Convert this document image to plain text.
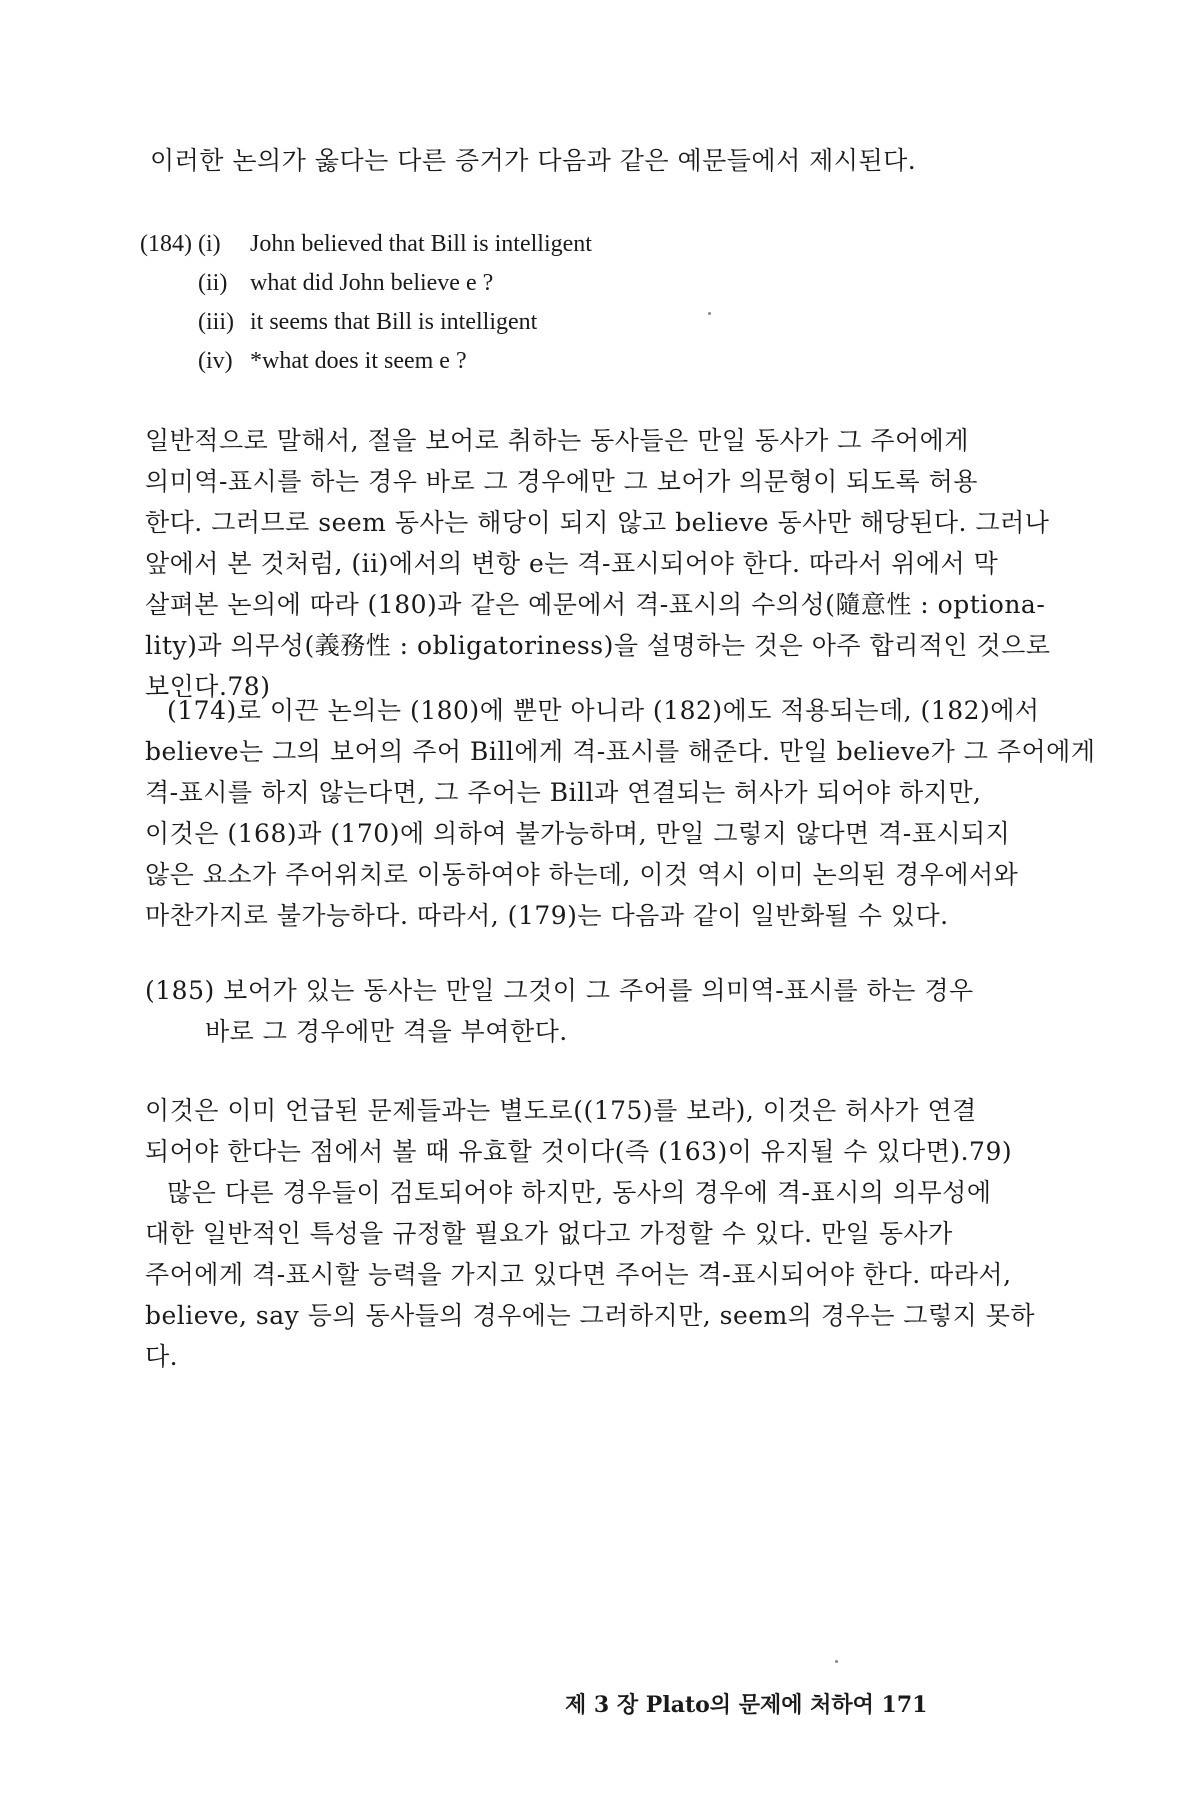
이러한 논의가 옳다는 다른 증거가 다음과 같은 예문들에서 제시된다.
(184) (i) John believed that Bill is intelligent
(ii) what did John believe e ?
(iii) it seems that Bill is intelligent
(iv) *what does it seem e ?
일반적으로 말해서, 절을 보어로 취하는 동사들은 만일 동사가 그 주어에게
의미역-표시를 하는 경우 바로 그 경우에만 그 보어가 의문형이 되도록 허용
한다. 그러므로 seem 동사는 해당이 되지 않고 believe 동사만 해당된다. 그러나
앞에서 본 것처럼, (ii)에서의 변항 e는 격-표시되어야 한다. 따라서 위에서 막
살펴본 논의에 따라 (180)과 같은 예문에서 격-표시의 수의성(隨意性 : optiona-
lity)과 의무성(義務性 : obligatoriness)을 설명하는 것은 아주 합리적인 것으로
보인다.78)
(174)로 이끈 논의는 (180)에 뿐만 아니라 (182)에도 적용되는데, (182)에서
believe는 그의 보어의 주어 Bill에게 격-표시를 해준다. 만일 believe가 그 주어에게
격-표시를 하지 않는다면, 그 주어는 Bill과 연결되는 허사가 되어야 하지만,
이것은 (168)과 (170)에 의하여 불가능하며, 만일 그렇지 않다면 격-표시되지
않은 요소가 주어위치로 이동하여야 하는데, 이것 역시 이미 논의된 경우에서와
마찬가지로 불가능하다. 따라서, (179)는 다음과 같이 일반화될 수 있다.
(185) 보어가 있는 동사는 만일 그것이 그 주어를 의미역-표시를 하는 경우
바로 그 경우에만 격을 부여한다.
이것은 이미 언급된 문제들과는 별도로((175)를 보라), 이것은 허사가 연결
되어야 한다는 점에서 볼 때 유효할 것이다(즉 (163)이 유지될 수 있다면).79)
많은 다른 경우들이 검토되어야 하지만, 동사의 경우에 격-표시의 의무성에
대한 일반적인 특성을 규정할 필요가 없다고 가정할 수 있다. 만일 동사가
주어에게 격-표시할 능력을 가지고 있다면 주어는 격-표시되어야 한다. 따라서,
believe, say 등의 동사들의 경우에는 그러하지만, seem의 경우는 그렇지 못하
다.
제 3 장 Plato의 문제에 처하여 171
